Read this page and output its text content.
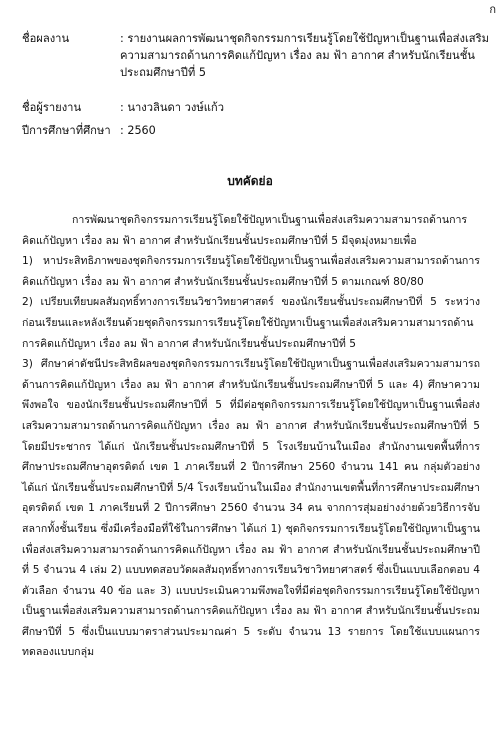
ก
ชื่อผลงาน	: รายงานผลการพัฒนาชุดกิจกรรมการเรียนรู้โดยใช้ปัญหาเป็นฐานเพื่อส่งเสริมความสามารถด้านการคิดแก้ปัญหา เรื่อง ลม ฟ้า อากาศ สำหรับนักเรียนชั้นประถมศึกษาปีที่ 5
ชื่อผู้รายงาน	: นางวลินดา วงษ์แก้ว
ปีการศึกษาที่ศึกษา : 2560
บทคัดย่อ

การพัฒนาชุดกิจกรรมการเรียนรู้โดยใช้ปัญหาเป็นฐานเพื่อส่งเสริมความสามารถด้านการคิดแก้ปัญหา เรื่อง ลม ฟ้า อากาศ สำหรับนักเรียนชั้นประถมศึกษาปีที่ 5 มีจุดมุ่งหมายเพื่อ

1) หาประสิทธิภาพของชุดกิจกรรมการเรียนรู้โดยใช้ปัญหาเป็นฐานเพื่อส่งเสริมความสามารถด้านการคิดแก้ปัญหา เรื่อง ลม ฟ้า อากาศ สำหรับนักเรียนชั้นประถมศึกษาปีที่ 5 ตามเกณฑ์ 80/80

2) เปรียบเทียบผลสัมฤทธิ์ทางการเรียนวิชาวิทยาศาสตร์ ของนักเรียนชั้นประถมศึกษาปีที่ 5 ระหว่างก่อนเรียนและหลังเรียนด้วยชุดกิจกรรมการเรียนรู้โดยใช้ปัญหาเป็นฐานเพื่อส่งเสริมความสามารถด้านการคิดแก้ปัญหา เรื่อง ลม ฟ้า อากาศ สำหรับนักเรียนชั้นประถมศึกษาปีที่ 5

3) ศึกษาค่าดัชนีประสิทธิผลของชุดกิจกรรมการเรียนรู้โดยใช้ปัญหาเป็นฐานเพื่อส่งเสริมความสามารถด้านการคิดแก้ปัญหา เรื่อง ลม ฟ้า อากาศ สำหรับนักเรียนชั้นประถมศึกษาปีที่ 5 และ 4) ศึกษาความพึงพอใจ ของนักเรียนชั้นประถมศึกษาปีที่ 5 ที่มีต่อชุดกิจกรรมการเรียนรู้โดยใช้ปัญหาเป็นฐานเพื่อส่งเสริมความสามารถด้านการคิดแก้ปัญหา เรื่อง ลม ฟ้า อากาศ สำหรับนักเรียนชั้นประถมศึกษาปีที่ 5 โดยมีประชากร ได้แก่ นักเรียนชั้นประถมศึกษาปีที่ 5 โรงเรียนบ้านในเมือง สำนักงานเขตพื้นที่การศึกษาประถมศึกษาอุตรดิตถ์ เขต 1 ภาคเรียนที่ 2 ปีการศึกษา 2560 จำนวน 141 คน กลุ่มตัวอย่าง ได้แก่ นักเรียนชั้นประถมศึกษาปีที่ 5/4 โรงเรียนบ้านในเมือง สำนักงานเขตพื้นที่การศึกษาประถมศึกษาอุตรดิตถ์ เขต 1 ภาคเรียนที่ 2 ปีการศึกษา 2560 จำนวน 34 คน จากการสุ่มอย่างง่ายด้วยวิธีการจับสลากทั้งชั้นเรียน ซึ่งมีเครื่องมือที่ใช้ในการศึกษา ได้แก่ 1) ชุดกิจกรรมการเรียนรู้โดยใช้ปัญหาเป็นฐานเพื่อส่งเสริมความสามารถด้านการคิดแก้ปัญหา เรื่อง ลม ฟ้า อากาศ สำหรับนักเรียนชั้นประถมศึกษาปีที่ 5 จำนวน 4 เล่ม 2) แบบทดสอบวัดผลสัมฤทธิ์ทางการเรียนวิชาวิทยาศาสตร์ ซึ่งเป็นแบบเลือกตอบ 4 ตัวเลือก จำนวน 40 ข้อ และ 3) แบบประเมินความพึงพอใจที่มีต่อชุดกิจกรรมการเรียนรู้โดยใช้ปัญหาเป็นฐานเพื่อส่งเสริมความสามารถด้านการคิดแก้ปัญหา เรื่อง ลม ฟ้า อากาศ สำหรับนักเรียนชั้นประถมศึกษาปีที่ 5 ซึ่งเป็นแบบมาตราส่วนประมาณค่า 5 ระดับ จำนวน 13 รายการ โดยใช้แบบแผนการทดลองแบบกลุ่ม
